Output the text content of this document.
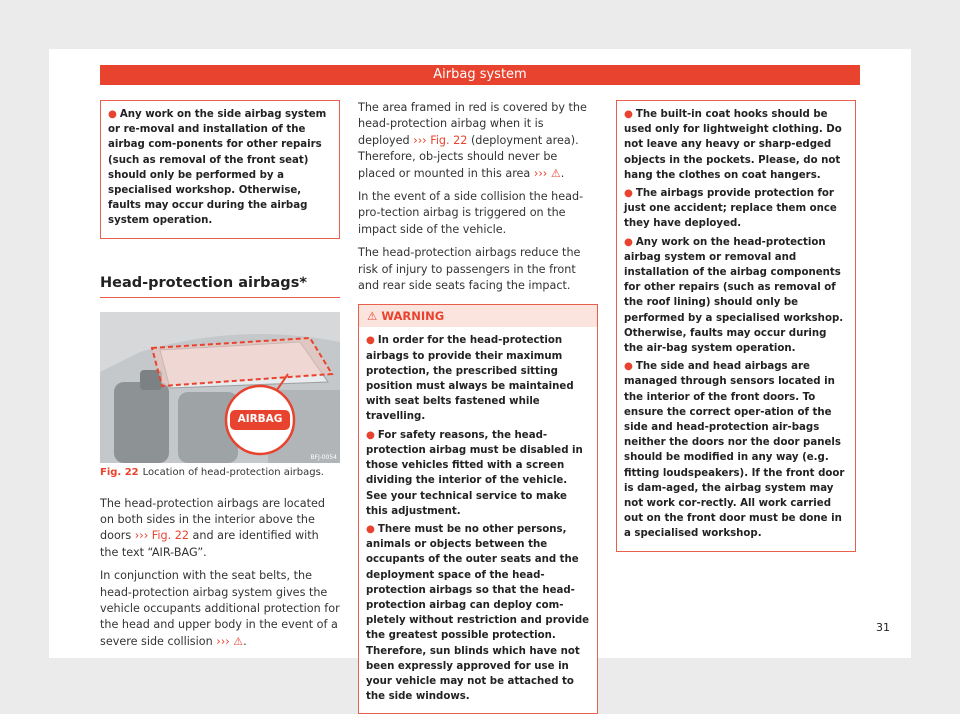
Airbag system

● Any work on the side airbag system or re-moval and installation of the airbag com-ponents for other repairs (such as removal of the front seat) should only be performed by a specialised workshop. Otherwise, faults may occur during the airbag system operation.

Head-protection airbags*
AIRBAG
BFJ-0054
Fig. 22 Location of head-protection airbags.

The head-protection airbags are located on both sides in the interior above the doors ››› Fig. 22 and are identified with the text “AIR-BAG”.

In conjunction with the seat belts, the head-protection airbag system gives the vehicle occupants additional protection for the head and upper body in the event of a severe side collision ››› ⚠.

The area framed in red is covered by the head-protection airbag when it is deployed ››› Fig. 22 (deployment area). Therefore, ob-jects should never be placed or mounted in this area ››› ⚠.

In the event of a side collision the head-pro-tection airbag is triggered on the impact side of the vehicle.

The head-protection airbags reduce the risk of injury to passengers in the front and rear side seats facing the impact.

⚠ WARNING

● In order for the head-protection airbags to provide their maximum protection, the prescribed sitting position must always be maintained with seat belts fastened while travelling.

● For safety reasons, the head-protection airbag must be disabled in those vehicles fitted with a screen dividing the interior of the vehicle. See your technical service to make this adjustment.

● There must be no other persons, animals or objects between the occupants of the outer seats and the deployment space of the head-protection airbags so that the head-protection airbag can deploy com-pletely without restriction and provide the greatest possible protection. Therefore, sun blinds which have not been expressly approved for use in your vehicle may not be attached to the side windows.

● The built-in coat hooks should be used only for lightweight clothing. Do not leave any heavy or sharp-edged objects in the pockets. Please, do not hang the clothes on coat hangers.

● The airbags provide protection for just one accident; replace them once they have deployed.

● Any work on the head-protection airbag system or removal and installation of the airbag components for other repairs (such as removal of the roof lining) should only be performed by a specialised workshop. Otherwise, faults may occur during the air-bag system operation.

● The side and head airbags are managed through sensors located in the interior of the front doors. To ensure the correct oper-ation of the side and head-protection air-bags neither the doors nor the door panels should be modified in any way (e.g. fitting loudspeakers). If the front door is dam-aged, the airbag system may not work cor-rectly. All work carried out on the front door must be done in a specialised workshop.

31
